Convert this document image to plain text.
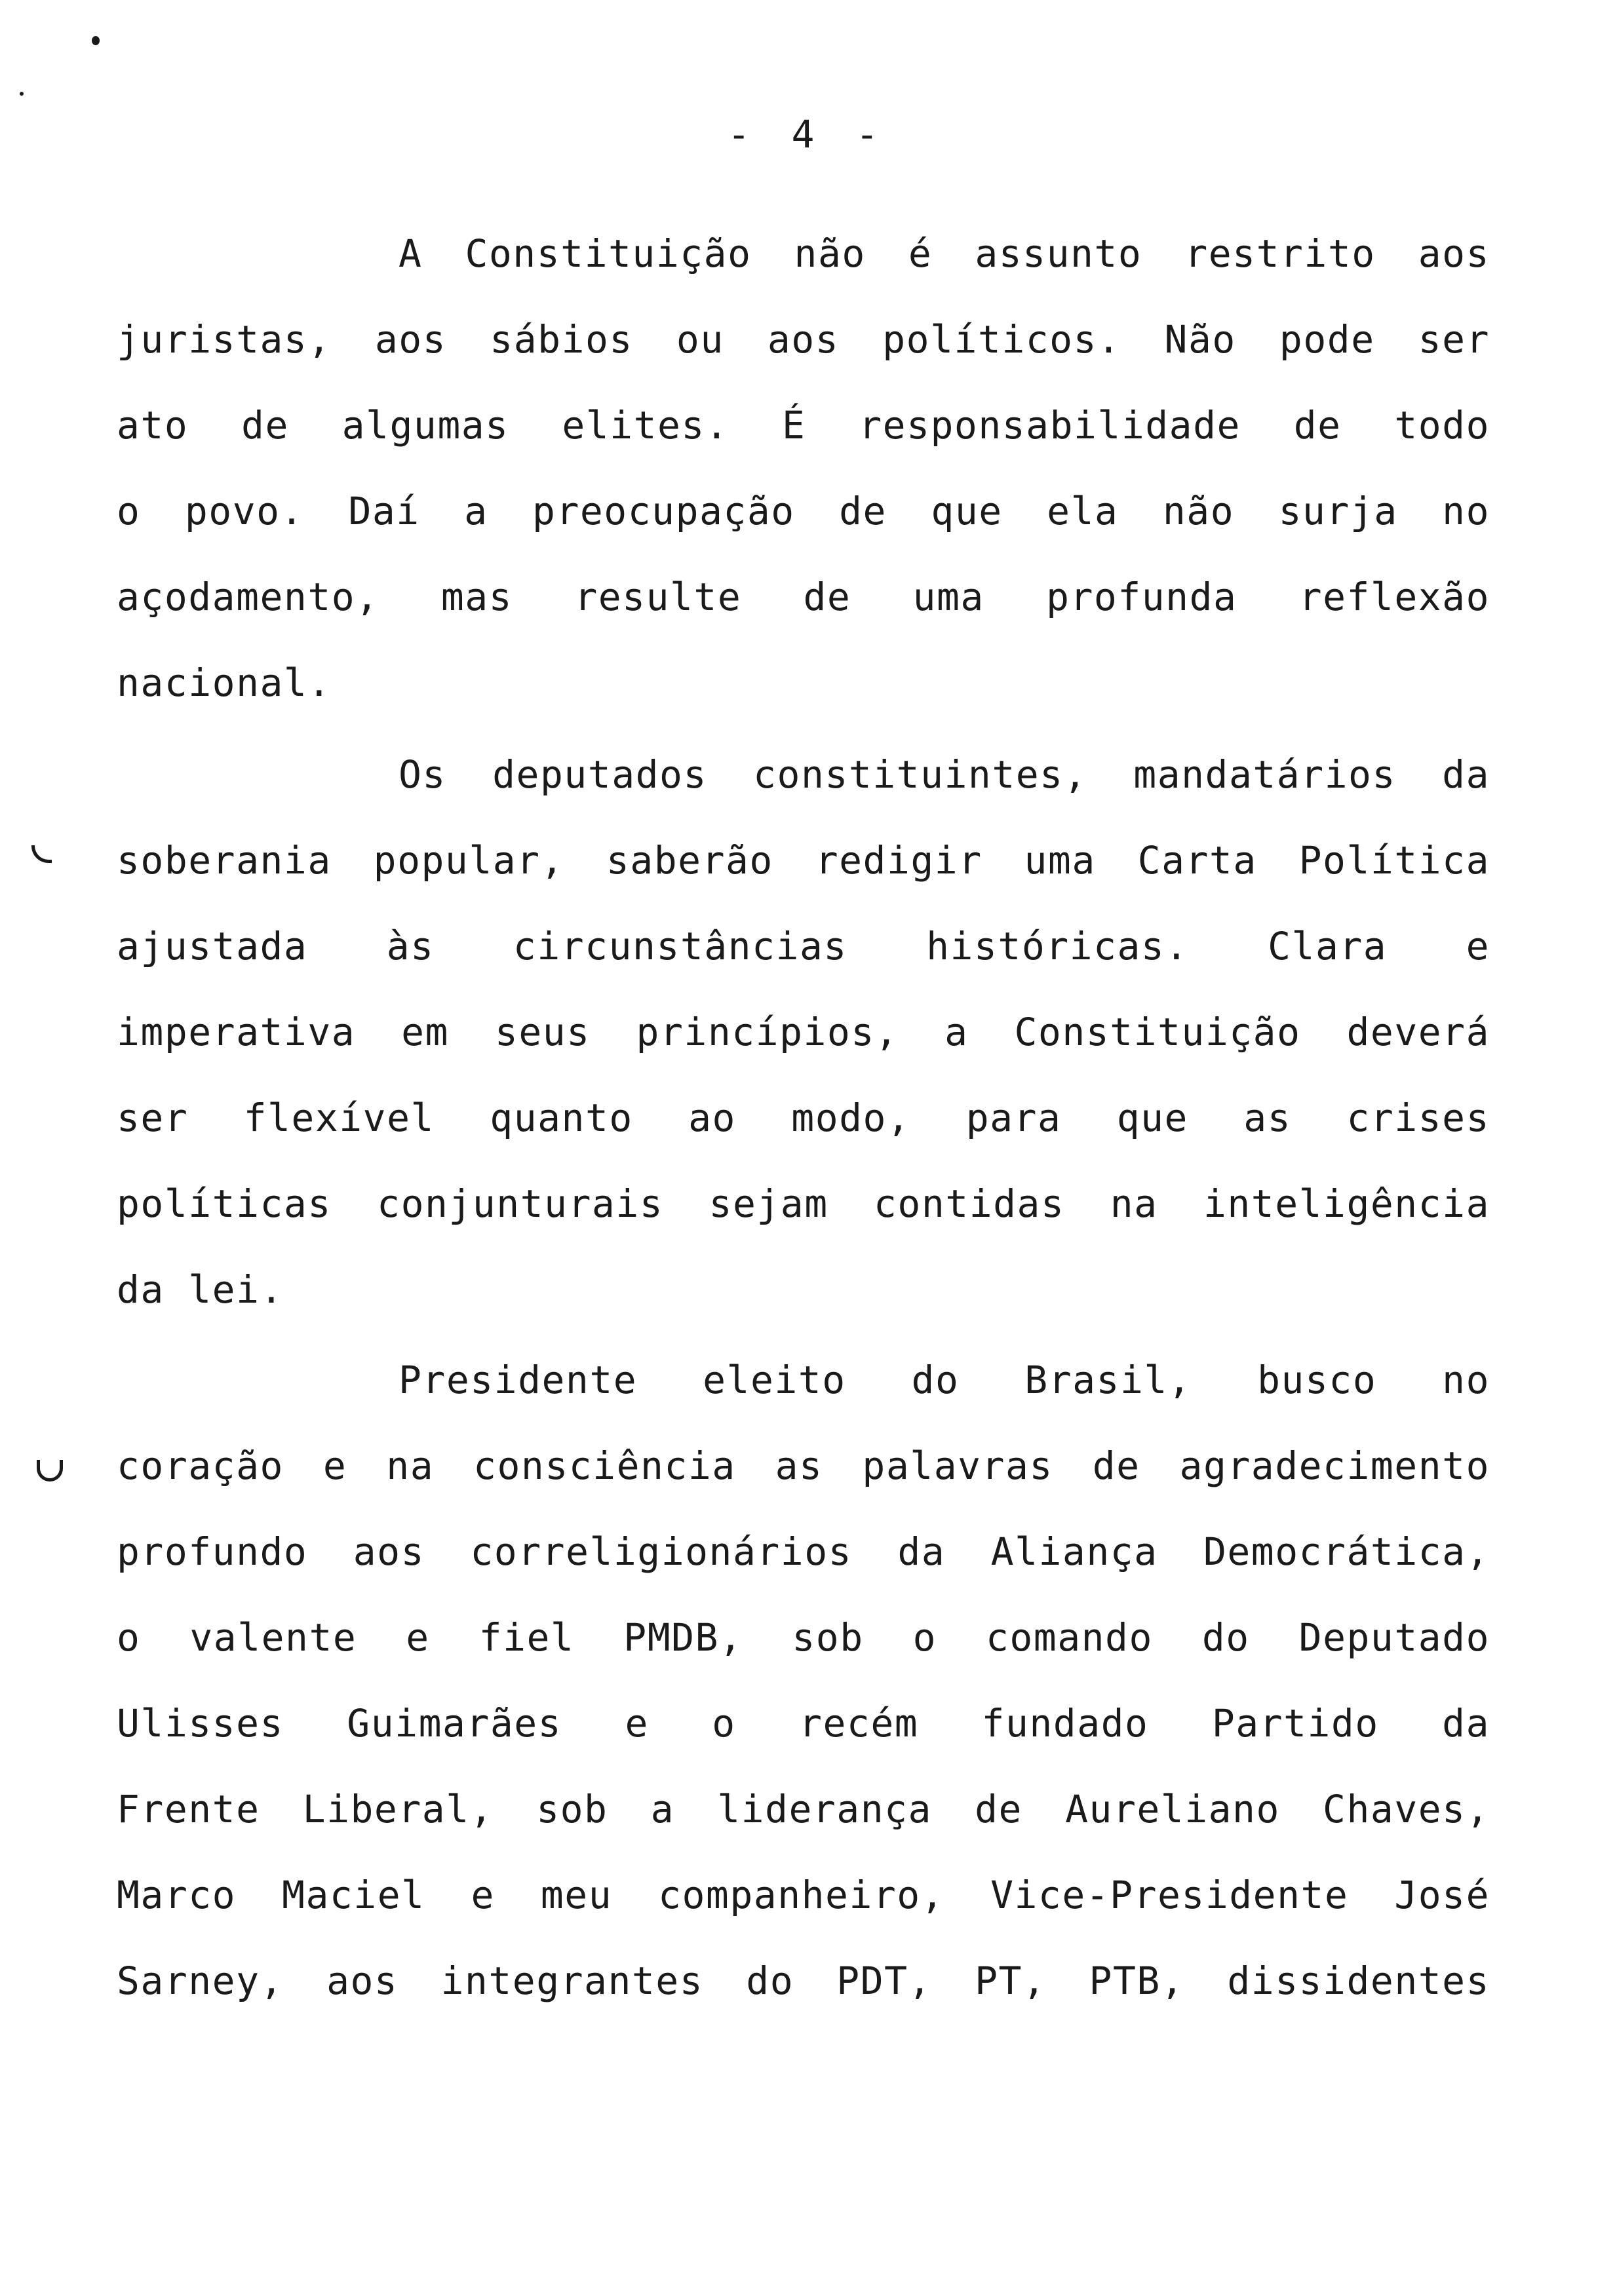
- 4 -
A Constituição não é assunto restrito aos
juristas, aos sábios ou aos políticos. Não pode ser
ato de algumas elites. É responsabilidade de todo
o povo. Daí a preocupação de que ela não surja no
açodamento, mas resulte de uma profunda reflexão
nacional.
Os deputados constituintes, mandatários da
soberania popular, saberão redigir uma Carta Política
ajustada às circunstâncias históricas. Clara e
imperativa em seus princípios, a Constituição deverá
ser flexível quanto ao modo, para que as crises
políticas conjunturais sejam contidas na inteligência
da lei.
Presidente eleito do Brasil, busco no
coração e na consciência as palavras de agradecimento
profundo aos correligionários da Aliança Democrática,
o valente e fiel PMDB, sob o comando do Deputado
Ulisses Guimarães e o recém fundado Partido da
Frente Liberal, sob a liderança de Aureliano Chaves,
Marco Maciel e meu companheiro, Vice-Presidente José
Sarney, aos integrantes do PDT, PT, PTB, dissidentes
